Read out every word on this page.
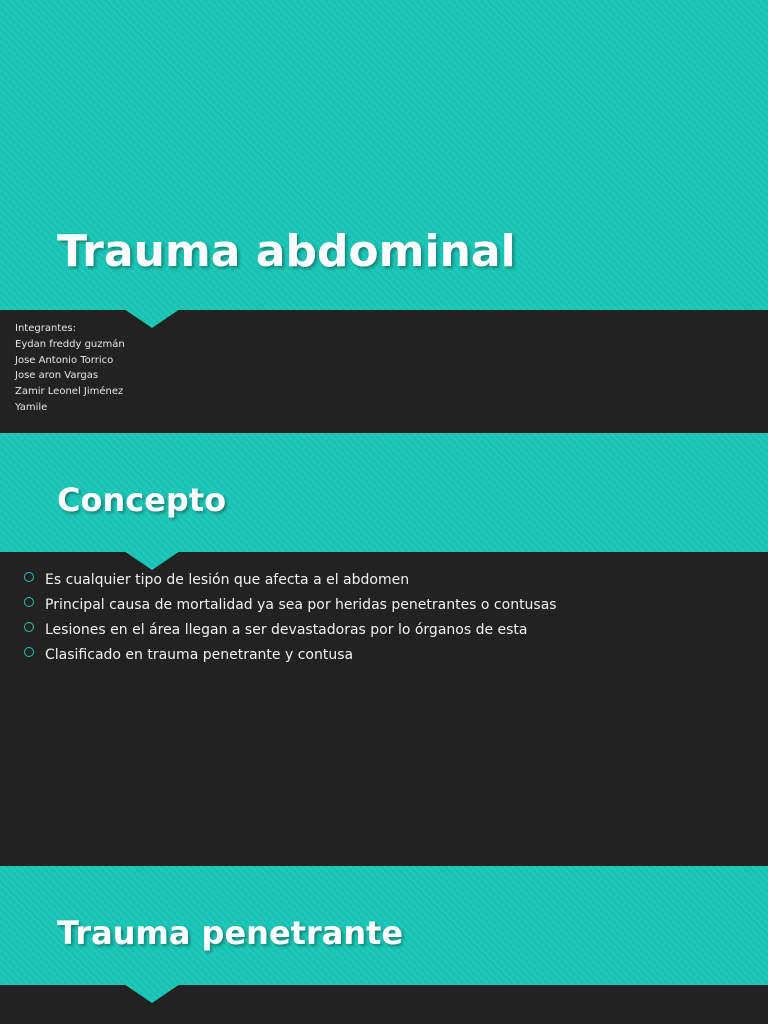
Trauma abdominal
Integrantes:
Eydan freddy guzmán
Jose Antonio Torrico
Jose aron Vargas
Zamir Leonel Jiménez
Yamile
Concepto
Es cualquier tipo de lesión que afecta a el abdomen
Principal causa de mortalidad ya sea por heridas penetrantes o contusas
Lesiones en el área llegan a ser devastadoras por lo órganos de esta
Clasificado en trauma penetrante y contusa
Trauma penetrante
